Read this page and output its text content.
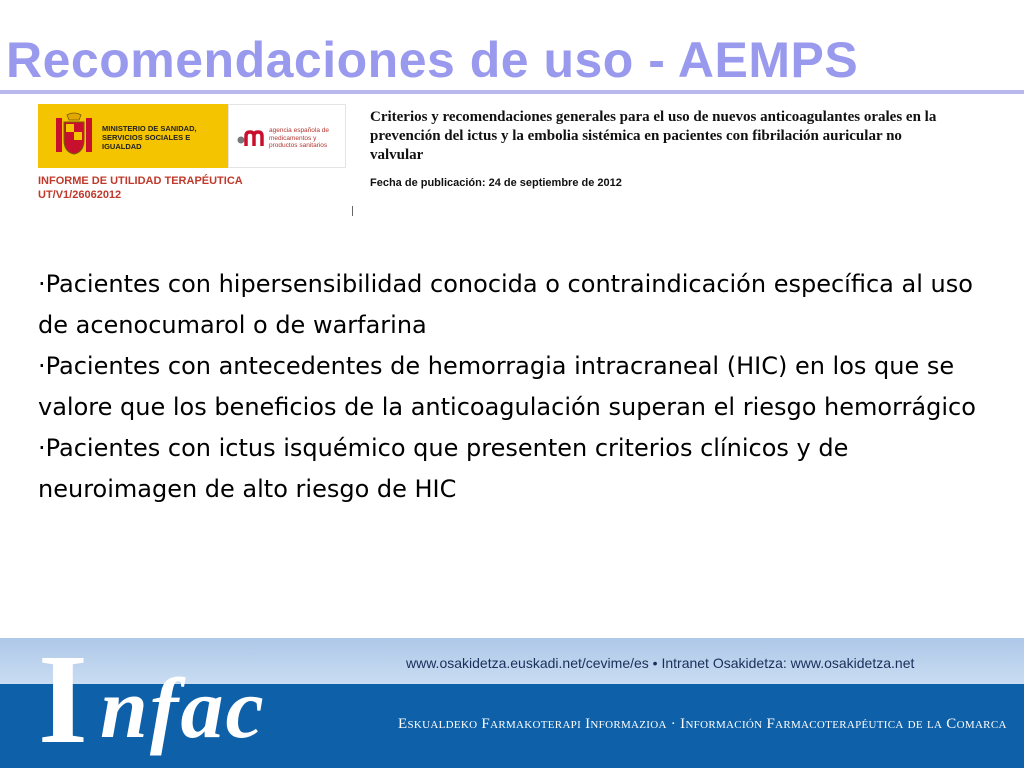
Recomendaciones de uso - AEMPS
MINISTERIO DE SANIDAD, SERVICIOS SOCIALES E IGUALDAD
agencia española de medicamentos y productos sanitarios
INFORME DE UTILIDAD TERAPÉUTICA
UT/V1/26062012
Criterios y recomendaciones generales para el uso de nuevos anticoagulantes orales en la prevención del ictus y la embolia sistémica en pacientes con fibrilación auricular no valvular
Fecha de publicación: 24 de septiembre de 2012
·Pacientes con hipersensibilidad conocida o contraindicación específica al uso de acenocumarol o de warfarina
·Pacientes con antecedentes de hemorragia intracraneal (HIC) en los que se valore que los beneficios de la anticoagulación superan el riesgo hemorrágico
·Pacientes con ictus isquémico que presenten criterios clínicos y de neuroimagen de alto riesgo de HIC
www.osakidetza.euskadi.net/cevime/es • Intranet Osakidetza: www.osakidetza.net
Eskualdeko Farmakoterapi Informazioa · Información Farmacoterapéutica de la Comarca
I nfac
